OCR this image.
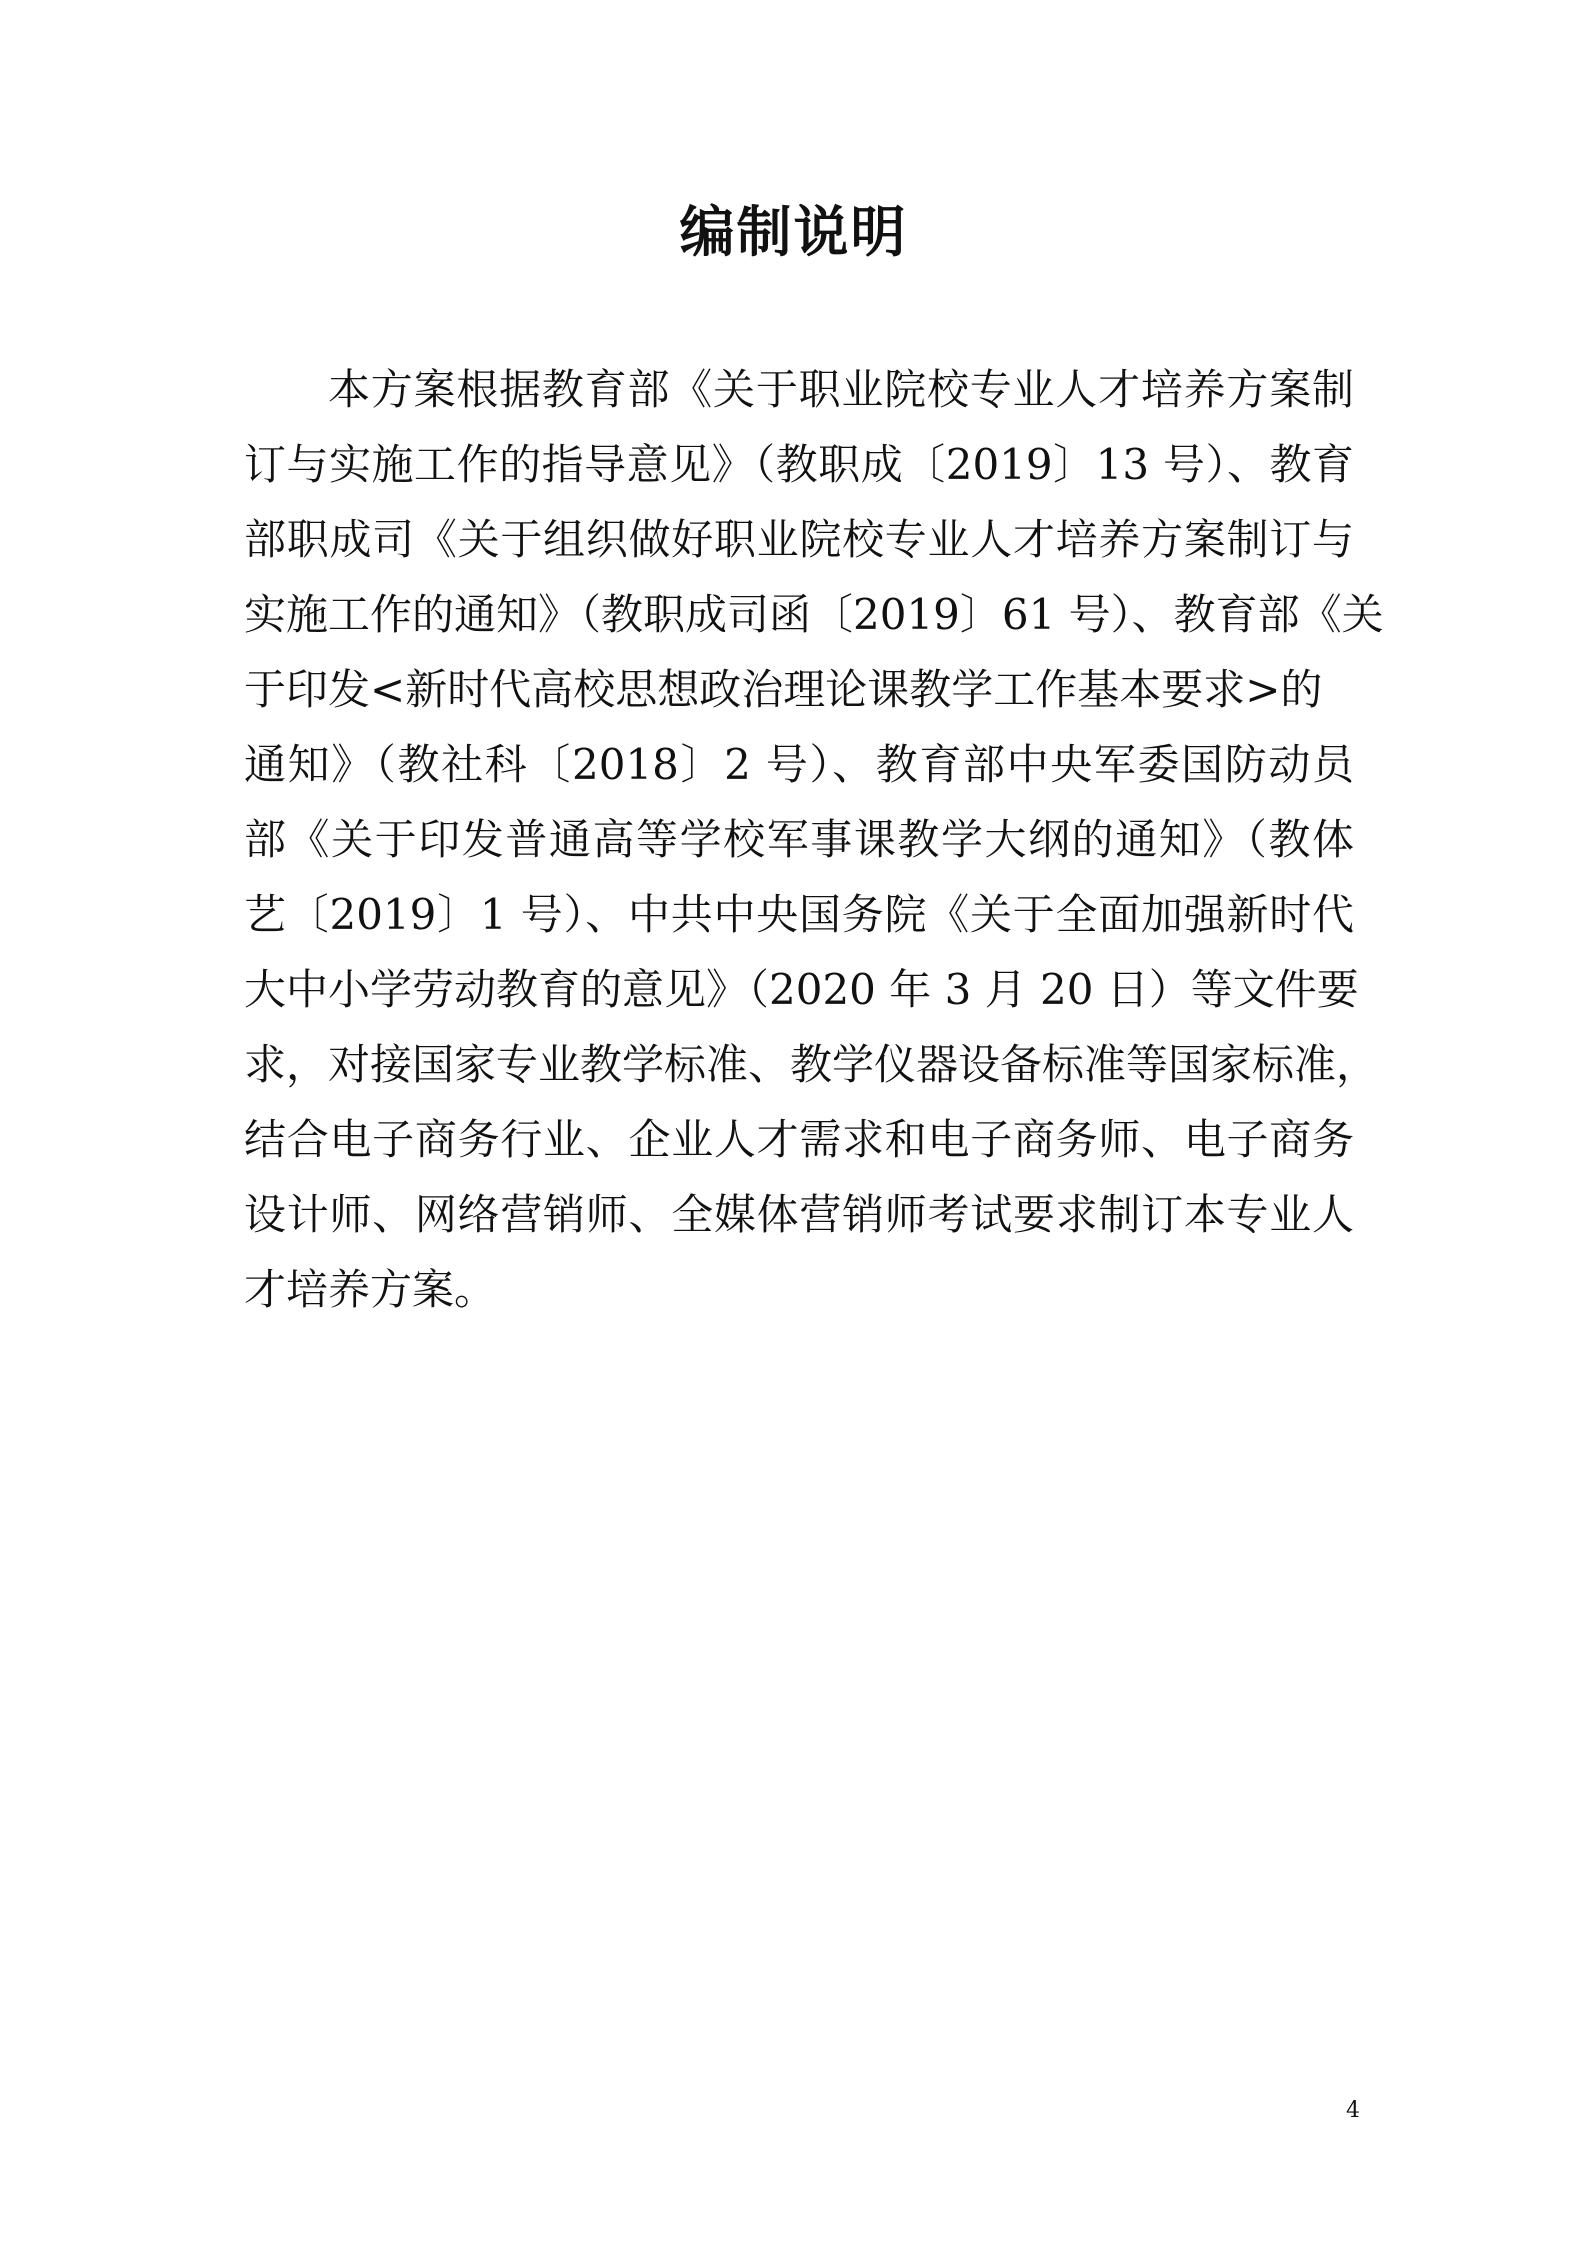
编制说明
本方案根据教育部《关于职业院校专业人才培养方案制
订与实施工作的指导意见》（教职成〔2019〕13 号）、教育
部职成司《关于组织做好职业院校专业人才培养方案制订与
实施工作的通知》（教职成司函〔2019〕61 号）、教育部《关
于印发<新时代高校思想政治理论课教学工作基本要求>的
通知》（教社科〔2018〕2 号）、教育部中央军委国防动员
部《关于印发普通高等学校军事课教学大纲的通知》（教体
艺〔2019〕1 号）、中共中央国务院《关于全面加强新时代
大中小学劳动教育的意见》（2020 年 3 月 20 日）等文件要
求，对接国家专业教学标准、教学仪器设备标准等国家标准，
结合电子商务行业、企业人才需求和电子商务师、电子商务
设计师、网络营销师、全媒体营销师考试要求制订本专业人
才培养方案。
4
